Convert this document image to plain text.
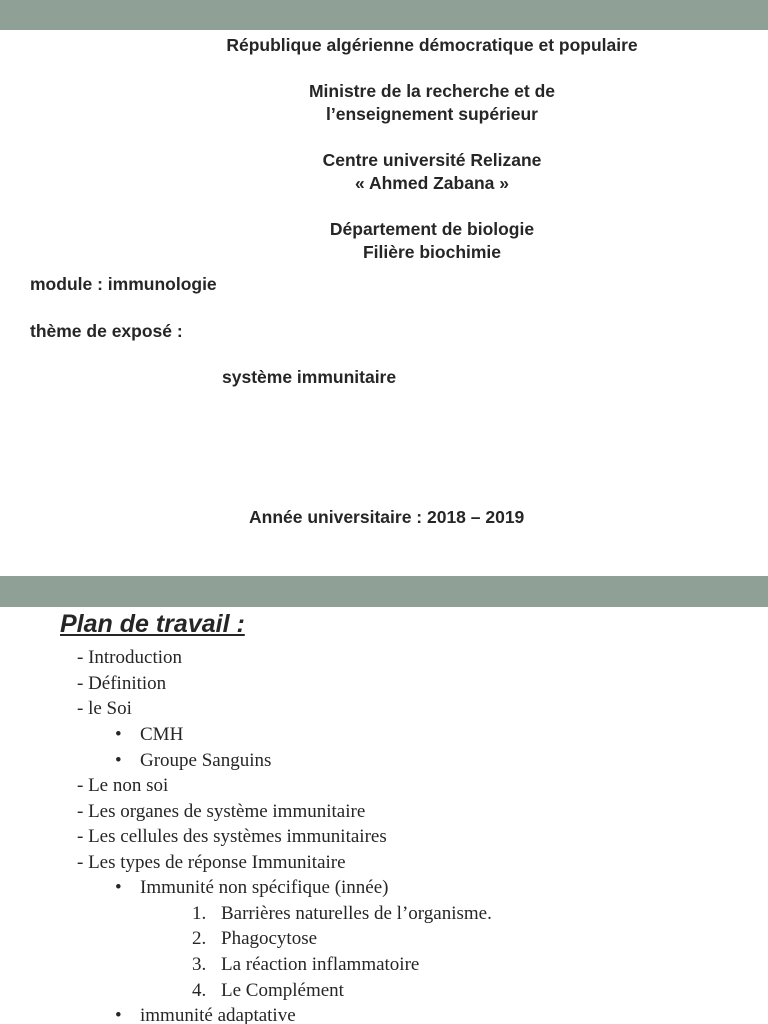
République algérienne démocratique et populaire
Ministre de la recherche et de
l’enseignement supérieur
Centre université Relizane
« Ahmed Zabana »
Département de biologie
Filière biochimie
module : immunologie
thème de exposé :
système immunitaire
Année universitaire : 2018 – 2019
Plan de travail :
- Introduction
- Définition
- le Soi
• CMH
• Groupe Sanguins
- Le non soi
- Les organes de système immunitaire
- Les cellules des systèmes immunitaires
- Les types de réponse Immunitaire
• Immunité non spécifique (innée)
1. Barrières naturelles de l’organisme.
2. Phagocytose
3. La réaction inflammatoire
4. Le Complément
• immunité adaptative
